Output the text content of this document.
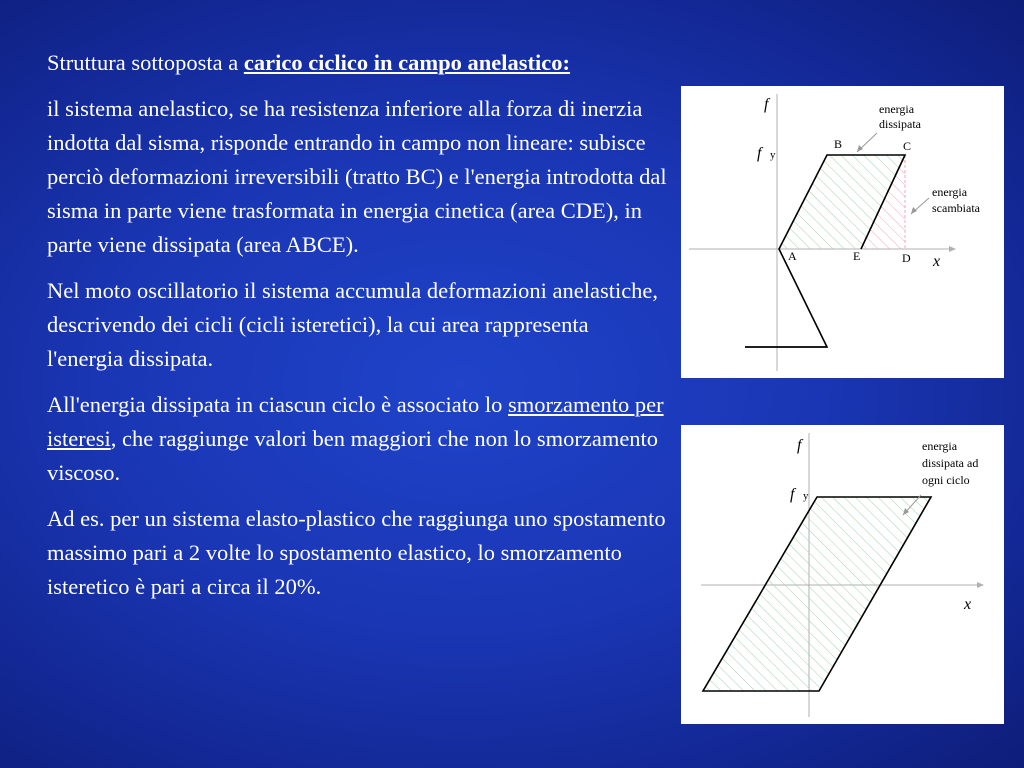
Struttura sottoposta a carico ciclico in campo anelastico:

il sistema anelastico, se ha resistenza inferiore alla forza di inerzia indotta dal sisma, risponde entrando in campo non lineare: subisce perciò deformazioni irreversibili (tratto BC) e l'energia introdotta dal sisma in parte viene trasformata in energia cinetica (area CDE), in parte viene dissipata (area ABCE).

Nel moto oscillatorio il sistema accumula deformazioni anelastiche, descrivendo dei cicli (cicli isteretici), la cui area rappresenta l'energia dissipata.

All'energia dissipata in ciascun ciclo è associato lo smorzamento per isteresi, che raggiunge valori ben maggiori che non lo smorzamento viscoso.

Ad es. per un sistema elasto-plastico che raggiunga uno spostamento massimo pari a 2 volte lo spostamento elastico, lo smorzamento isteretico è pari a circa il 20%.

f
x
f y
A
B	C
D
E
energia
dissipata
energia
scambiata
f
x
f y
energia
dissipata ad
ogni ciclo
